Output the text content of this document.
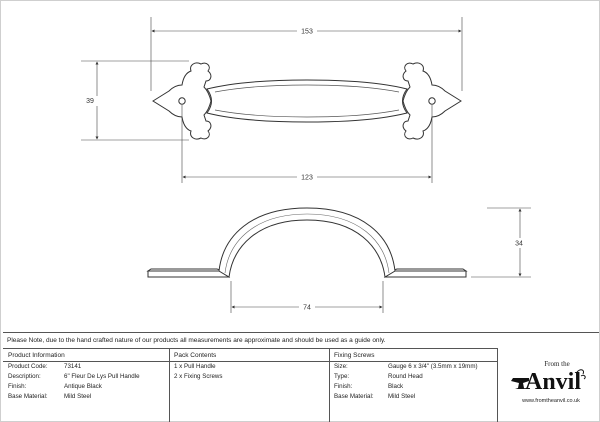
153
39
123
34
74
Please Note, due to the hand crafted nature of our products all measurements are approximate and should be used as a guide only.
Product Information
Product Code:	73141
Description:	6" Fleur De Lys Pull Handle
Finish:	Antique Black
Base Material:	Mild Steel
Pack Contents
1 x Pull Handle
2 x Fixing Screws
Fixing Screws
Size:	Gauge 6 x 3/4" (3.5mm x 19mm)
Type:	Round Head
Finish:	Black
Base Material:	Mild Steel
From the
Anvil
www.fromtheanvil.co.uk
